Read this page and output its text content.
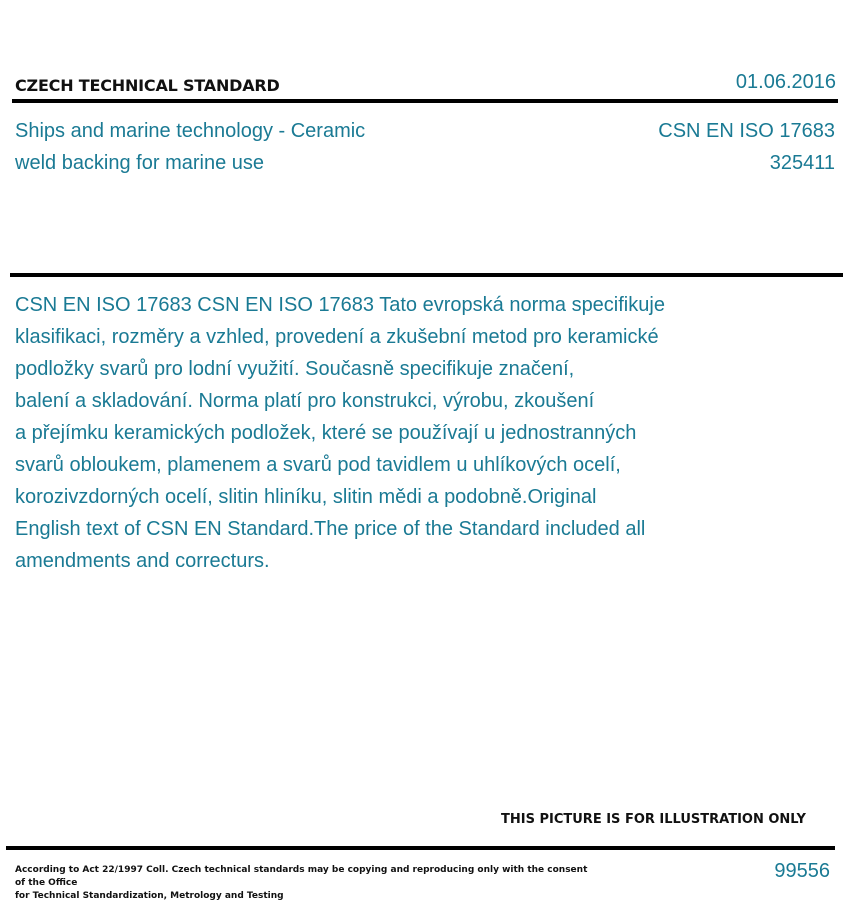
CZECH TECHNICAL STANDARD	01.06.2016
Ships and marine technology - Ceramic
weld backing for marine use
CSN EN ISO 17683
325411

CSN EN ISO 17683 CSN EN ISO 17683 Tato evropská norma specifikuje

klasifikaci, rozměry a vzhled, provedení a zkušební metod pro keramické

podložky svarů pro lodní využití. Současně specifikuje značení,

balení a skladování. Norma platí pro konstrukci, výrobu, zkoušení

a přejímku keramických podložek, které se používají u jednostranných

svarů obloukem, plamenem a svarů pod tavidlem u uhlíkových ocelí,

korozivzdorných ocelí, slitin hliníku, slitin mědi a podobně.Original

English text of CSN EN Standard.The price of the Standard included all

amendments and correcturs.

THIS PICTURE IS FOR ILLUSTRATION ONLY
According to Act 22/1997 Coll. Czech technical standards may be copying and reproducing only with the consent of the Office
for Technical Standardization, Metrology and Testing
99556
